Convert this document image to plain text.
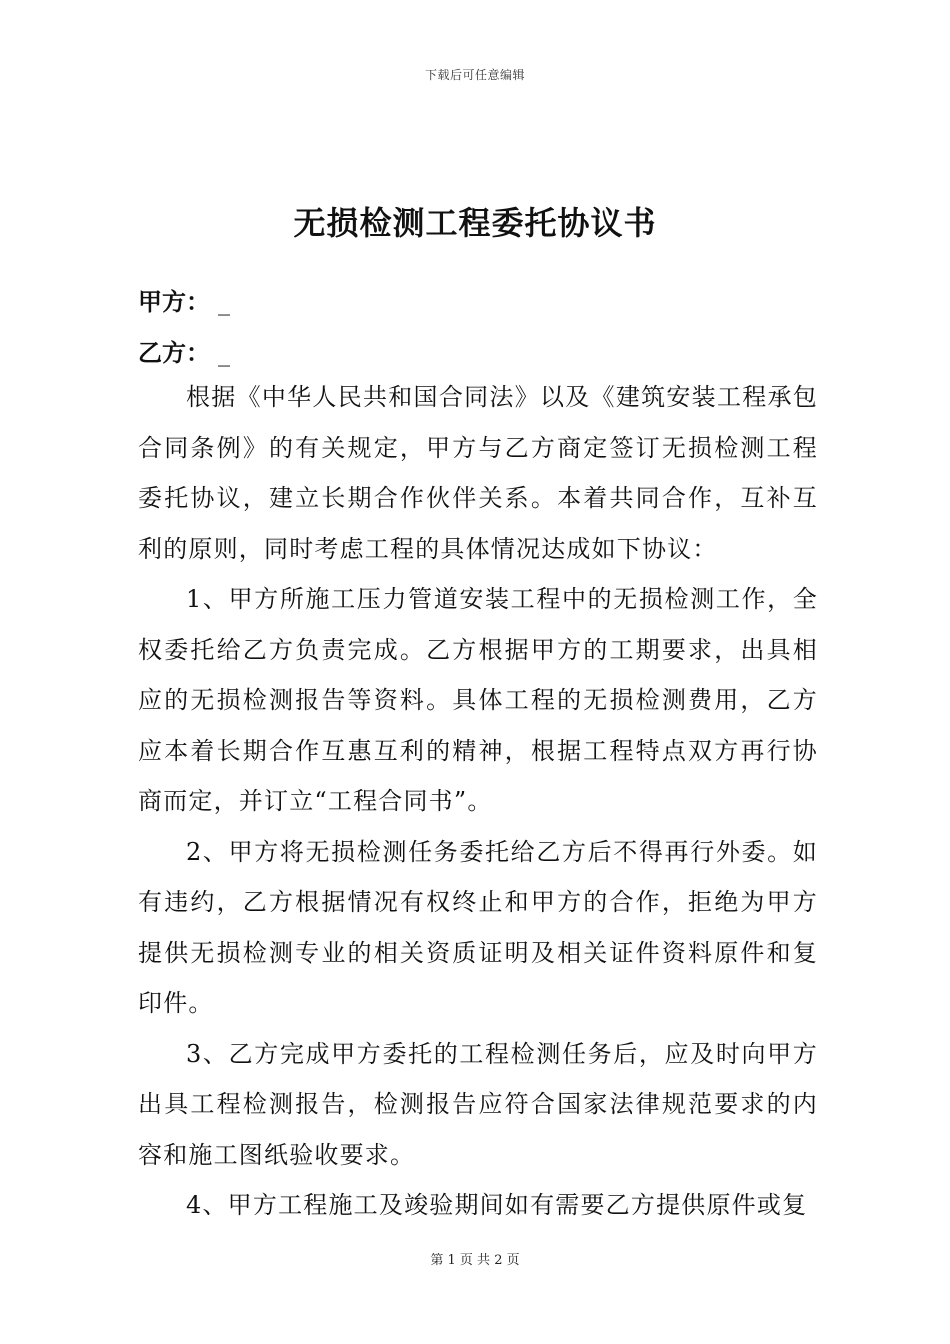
下载后可任意编辑
无损检测工程委托协议书
甲方： _
乙方： _

根据《中华人民共和国合同法》以及《建筑安装工程承包合同条例》的有关规定，甲方与乙方商定签订无损检测工程委托协议，建立长期合作伙伴关系。本着共同合作，互补互利的原则，同时考虑工程的具体情况达成如下协议：

1、甲方所施工压力管道安装工程中的无损检测工作，全权委托给乙方负责完成。乙方根据甲方的工期要求，出具相应的无损检测报告等资料。具体工程的无损检测费用，乙方应本着长期合作互惠互利的精神，根据工程特点双方再行协商而定，并订立“工程合同书”。

2、甲方将无损检测任务委托给乙方后不得再行外委。如有违约，乙方根据情况有权终止和甲方的合作，拒绝为甲方提供无损检测专业的相关资质证明及相关证件资料原件和复印件。

3、乙方完成甲方委托的工程检测任务后，应及时向甲方出具工程检测报告，检测报告应符合国家法律规范要求的内容和施工图纸验收要求。

4、甲方工程施工及竣验期间如有需要乙方提供原件或复

第 1 页 共 2 页
